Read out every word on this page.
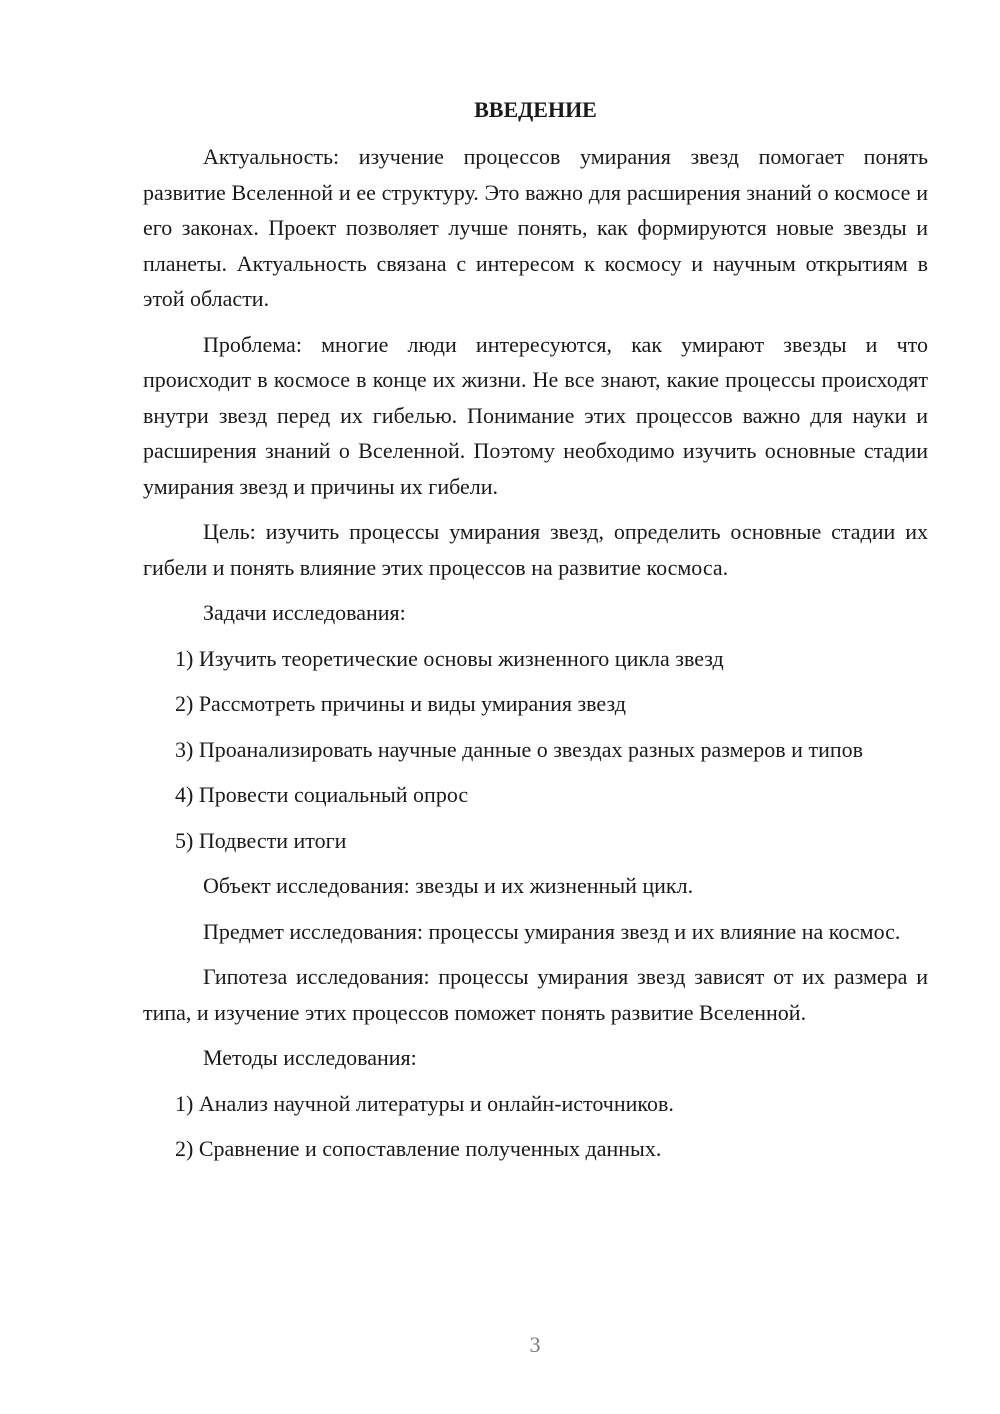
ВВЕДЕНИЕ

Актуальность: изучение процессов умирания звезд помогает понять развитие Вселенной и ее структуру. Это важно для расширения знаний о космосе и его законах. Проект позволяет лучше понять, как формируются новые звезды и планеты. Актуальность связана с интересом к космосу и научным открытиям в этой области.

Проблема: многие люди интересуются, как умирают звезды и что происходит в космосе в конце их жизни. Не все знают, какие процессы происходят внутри звезд перед их гибелью. Понимание этих процессов важно для науки и расширения знаний о Вселенной. Поэтому необходимо изучить основные стадии умирания звезд и причины их гибели.

Цель: изучить процессы умирания звезд, определить основные стадии их гибели и понять влияние этих процессов на развитие космоса.

Задачи исследования:

1) Изучить теоретические основы жизненного цикла звезд

2) Рассмотреть причины и виды умирания звезд

3) Проанализировать научные данные о звездах разных размеров и типов

4) Провести социальный опрос

5) Подвести итоги

Объект исследования: звезды и их жизненный цикл.

Предмет исследования: процессы умирания звезд и их влияние на космос.

Гипотеза исследования: процессы умирания звезд зависят от их размера и типа, и изучение этих процессов поможет понять развитие Вселенной.

Методы исследования:

1) Анализ научной литературы и онлайн-источников.

2) Сравнение и сопоставление полученных данных.

3
